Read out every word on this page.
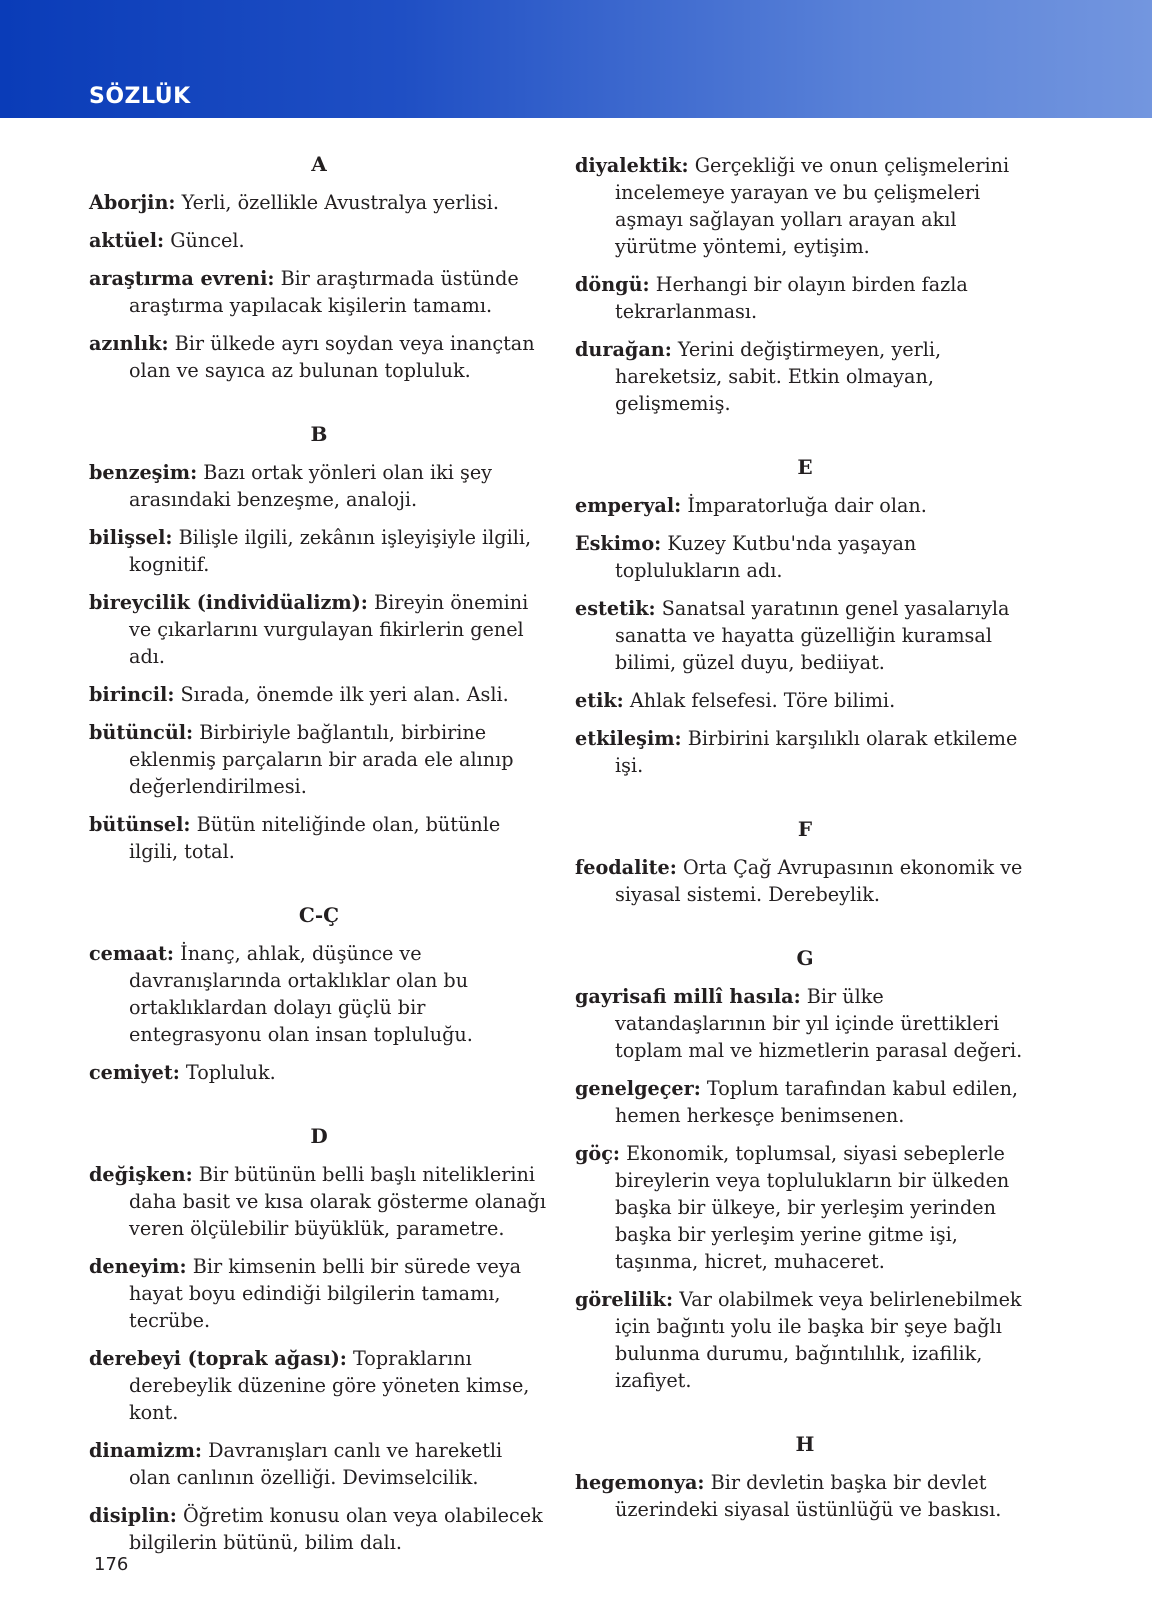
SÖZLÜK
A

Aborjin: Yerli, özellikle Avustralya yerlisi.

aktüel: Güncel.

araştırma evreni: Bir araştırmada üstünde araştırma yapılacak kişilerin tamamı.

azınlık: Bir ülkede ayrı soydan veya inançtan olan ve sayıca az bulunan topluluk.

B

benzeşim: Bazı ortak yönleri olan iki şey arasındaki benzeşme, analoji.

bilişsel: Bilişle ilgili, zekânın işleyişiyle ilgili, kognitif.

bireycilik (individüalizm): Bireyin önemini ve çıkarlarını vurgulayan fikirlerin genel adı.

birincil: Sırada, önemde ilk yeri alan. Asli.

bütüncül: Birbiriyle bağlantılı, birbirine eklenmiş parçaların bir arada ele alınıp değerlendirilmesi.

bütünsel: Bütün niteliğinde olan, bütünle ilgili, total.

C-Ç

cemaat: İnanç, ahlak, düşünce ve davranışlarında ortaklıklar olan bu ortaklıklardan dolayı güçlü bir entegrasyonu olan insan topluluğu.

cemiyet: Topluluk.

D

değişken: Bir bütünün belli başlı niteliklerini daha basit ve kısa olarak gösterme olanağı veren ölçülebilir büyüklük, parametre.

deneyim: Bir kimsenin belli bir sürede veya hayat boyu edindiği bilgilerin tamamı, tecrübe.

derebeyi (toprak ağası): Topraklarını derebeylik düzenine göre yöneten kimse, kont.

dinamizm: Davranışları canlı ve hareketli olan canlının özelliği. Devimselcilik.

disiplin: Öğretim konusu olan veya olabilecek bilgilerin bütünü, bilim dalı.

diyalektik: Gerçekliği ve onun çelişmelerini incelemeye yarayan ve bu çelişmeleri aşmayı sağlayan yolları arayan akıl yürütme yöntemi, eytişim.

döngü: Herhangi bir olayın birden fazla tekrarlanması.

durağan: Yerini değiştirmeyen, yerli, hareketsiz, sabit. Etkin olmayan, gelişmemiş.

E

emperyal: İmparatorluğa dair olan.

Eskimo: Kuzey Kutbu'nda yaşayan toplulukların adı.

estetik: Sanatsal yaratının genel yasalarıyla sanatta ve hayatta güzelliğin kuramsal bilimi, güzel duyu, bediiyat.

etik: Ahlak felsefesi. Töre bilimi.

etkileşim: Birbirini karşılıklı olarak etkileme işi.

F

feodalite: Orta Çağ Avrupasının ekonomik ve siyasal sistemi. Derebeylik.

G

gayrisafi millî hasıla: Bir ülke vatandaşlarının bir yıl içinde ürettikleri toplam mal ve hizmetlerin parasal değeri.

genelgeçer: Toplum tarafından kabul edilen, hemen herkesçe benimsenen.

göç: Ekonomik, toplumsal, siyasi sebeplerle bireylerin veya toplulukların bir ülkeden başka bir ülkeye, bir yerleşim yerinden başka bir yerleşim yerine gitme işi, taşınma, hicret, muhaceret.

görelilik: Var olabilmek veya belirlenebilmek için bağıntı yolu ile başka bir şeye bağlı bulunma durumu, bağıntılılık, izafilik, izafiyet.

H

hegemonya: Bir devletin başka bir devlet üzerindeki siyasal üstünlüğü ve baskısı.

176
